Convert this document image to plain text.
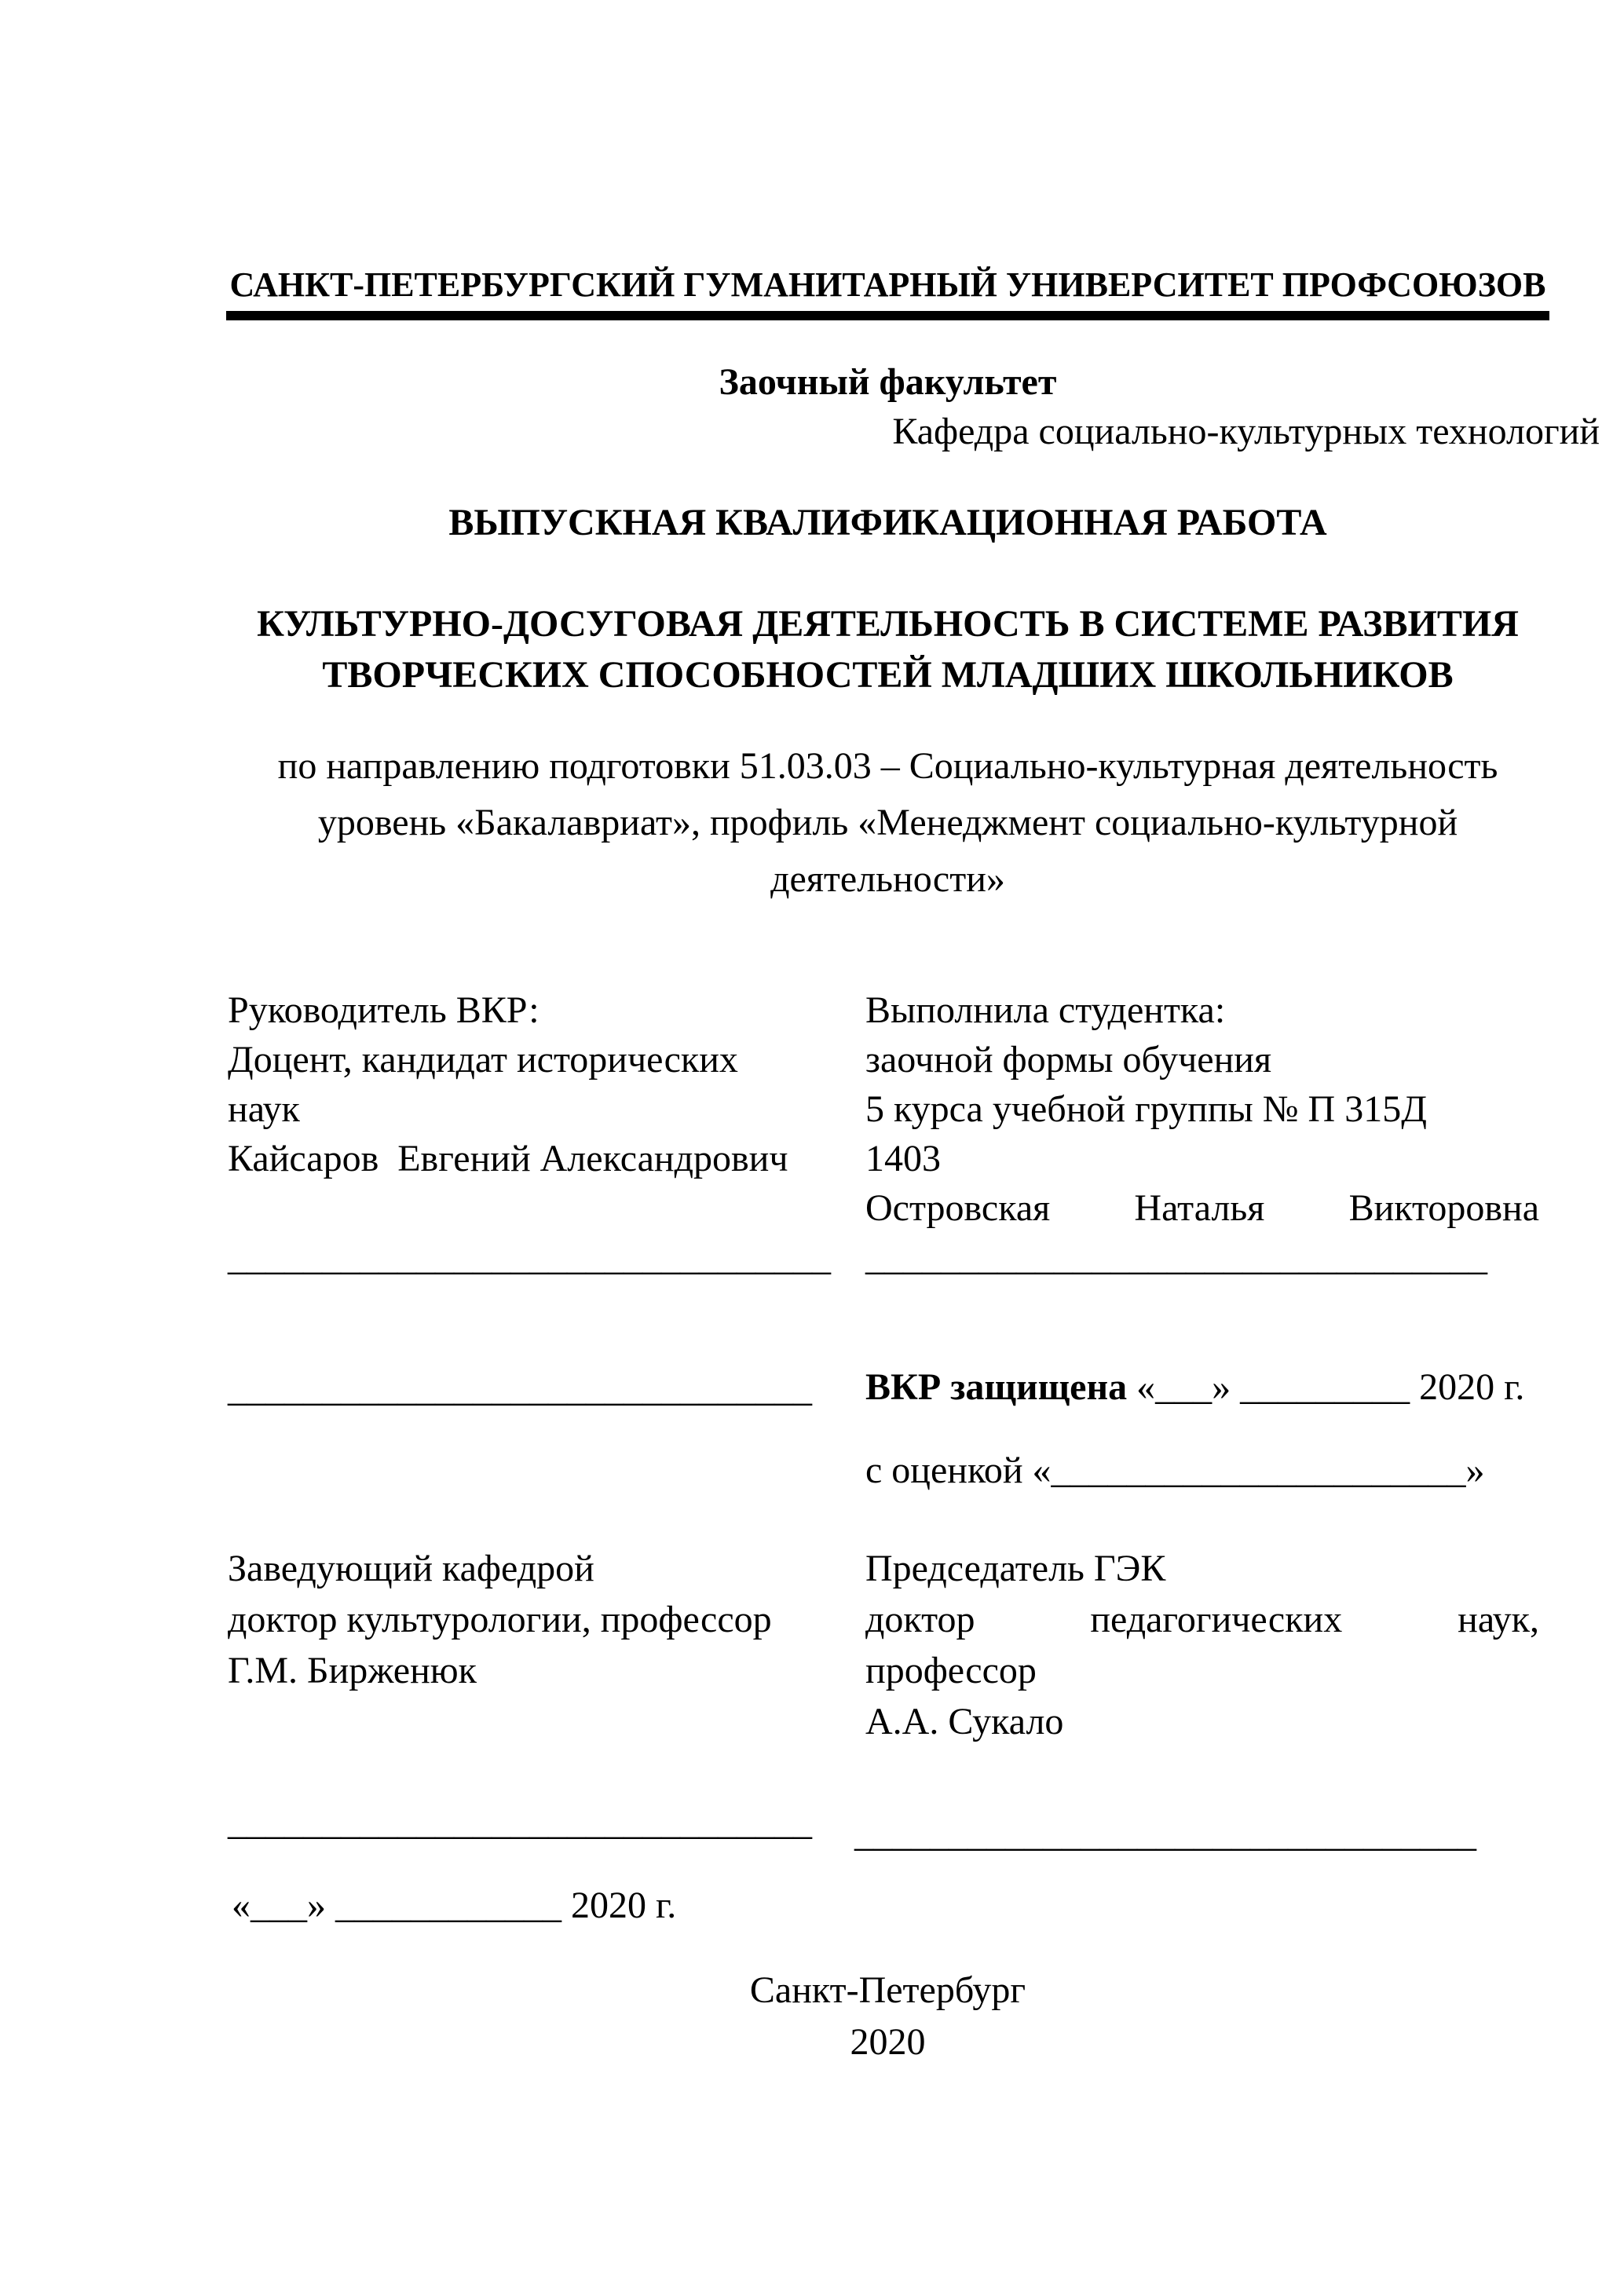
САНКТ-ПЕТЕРБУРГСКИЙ ГУМАНИТАРНЫЙ УНИВЕРСИТЕТ ПРОФСОЮЗОВ
Заочный факультет
Кафедра социально-культурных технологий
ВЫПУСКНАЯ КВАЛИФИКАЦИОННАЯ РАБОТА
КУЛЬТУРНО-ДОСУГОВАЯ ДЕЯТЕЛЬНОСТЬ В СИСТЕМЕ РАЗВИТИЯ
ТВОРЧЕСКИХ СПОСОБНОСТЕЙ МЛАДШИХ ШКОЛЬНИКОВ
по направлению подготовки 51.03.03 – Социально-культурная деятельность
уровень «Бакалавриат», профиль «Менеджмент социально-культурной
деятельности»
Руководитель ВКР:
Доцент, кандидат исторических
наук
Кайсаров  Евгений Александрович

________________________________
Выполнила студентка:
заочной формы обучения
5 курса учебной группы № П 315Д
1403
Островская Наталья Викторовна
_________________________________
_______________________________ ВКР защищена «___» _________ 2020 г.
с оценкой «______________________»
Заведующий кафедрой
доктор культурологии, профессор
Г.М. Бирженюк
Председатель ГЭК
доктор педагогических наук,
профессор
А.А. Сукало
_______________________________ _________________________________
«___» ____________ 2020 г.
Санкт-Петербург
2020
